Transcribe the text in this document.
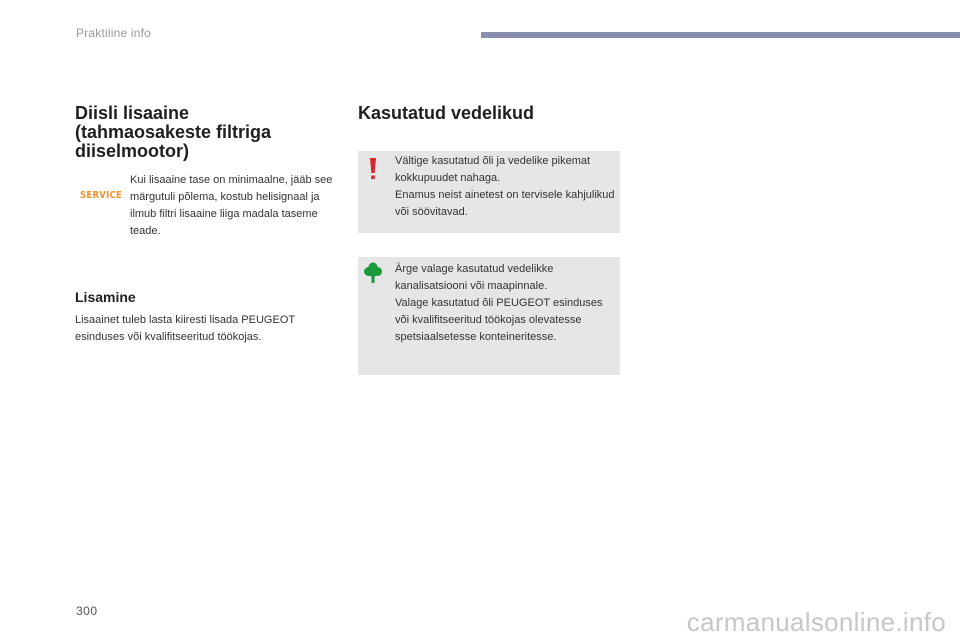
Praktiline info
Diisli lisaaine
(tahmaosakeste filtriga
diiselmootor)
SERVICE
Kui lisaaine tase on minimaalne, jääb see märgutuli põlema, kostub helisignaal ja ilmub filtri lisaaine liiga madala taseme teade.
Lisamine
Lisaainet tuleb lasta kiiresti lisada PEUGEOT esinduses või kvalifitseeritud töökojas.
Kasutatud vedelikud

Vältige kasutatud õli ja vedelike pikemat kokkupuudet nahaga.

Enamus neist ainetest on tervisele kahjulikud või söövitavad.

Ärge valage kasutatud vedelikke kanalisatsiooni või maapinnale.

Valage kasutatud õli PEUGEOT esinduses või kvalifitseeritud töökojas olevatesse spetsiaalsetesse konteineritesse.

300	carmanualsonline.info
